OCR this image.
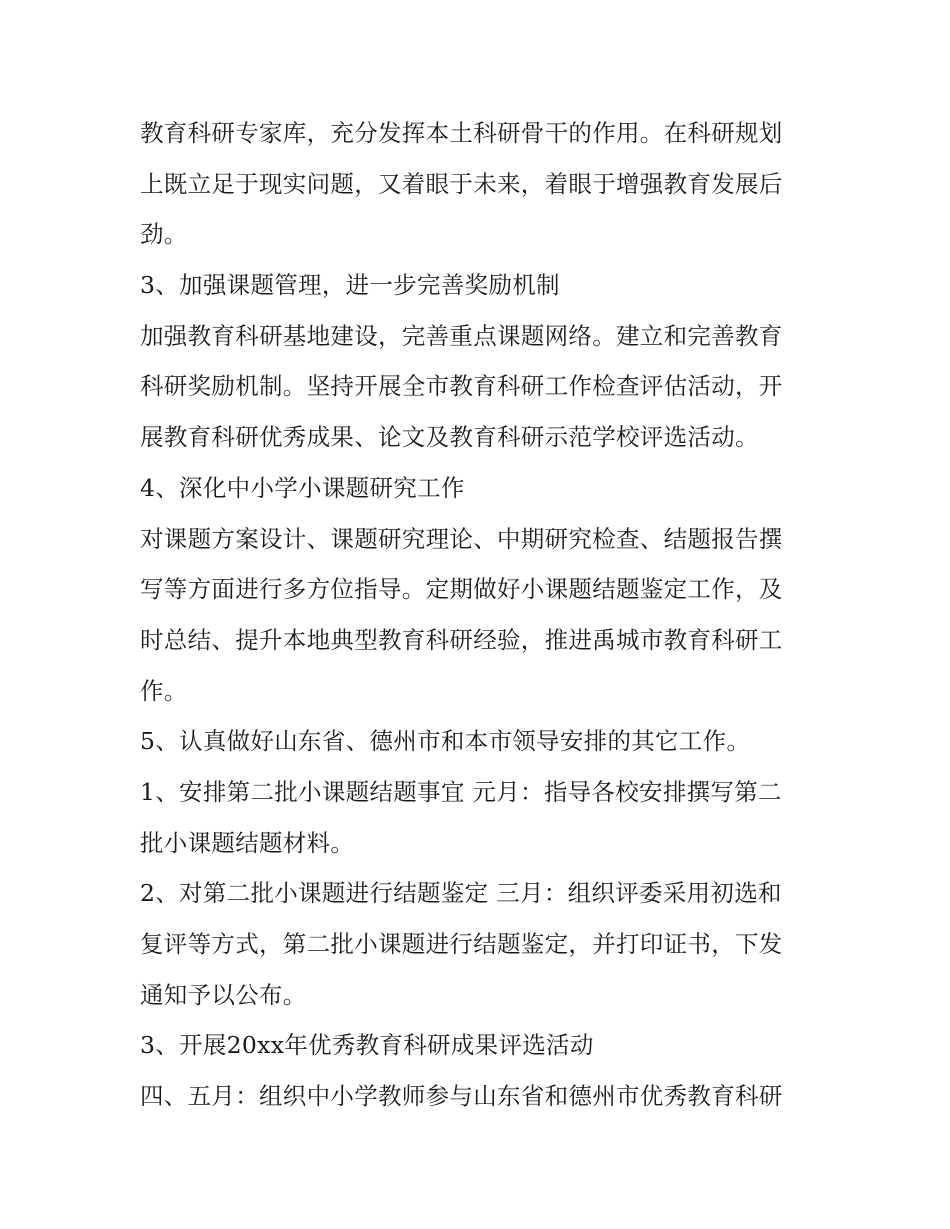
教育科研专家库，充分发挥本土科研骨干的作用。在科研规划
上既立足于现实问题，又着眼于未来，着眼于增强教育发展后
劲。
3、加强课题管理，进一步完善奖励机制
加强教育科研基地建设，完善重点课题网络。建立和完善教育
科研奖励机制。坚持开展全市教育科研工作检查评估活动，开
展教育科研优秀成果、论文及教育科研示范学校评选活动。
4、深化中小学小课题研究工作
对课题方案设计、课题研究理论、中期研究检查、结题报告撰
写等方面进行多方位指导。定期做好小课题结题鉴定工作，及
时总结、提升本地典型教育科研经验，推进禹城市教育科研工
作。
5、认真做好山东省、德州市和本市领导安排的其它工作。
1、安排第二批小课题结题事宜 元月：指导各校安排撰写第二
批小课题结题材料。
2、对第二批小课题进行结题鉴定 三月：组织评委采用初选和
复评等方式，第二批小课题进行结题鉴定，并打印证书，下发
通知予以公布。
3、开展20xx年优秀教育科研成果评选活动
四、五月：组织中小学教师参与山东省和德州市优秀教育科研
